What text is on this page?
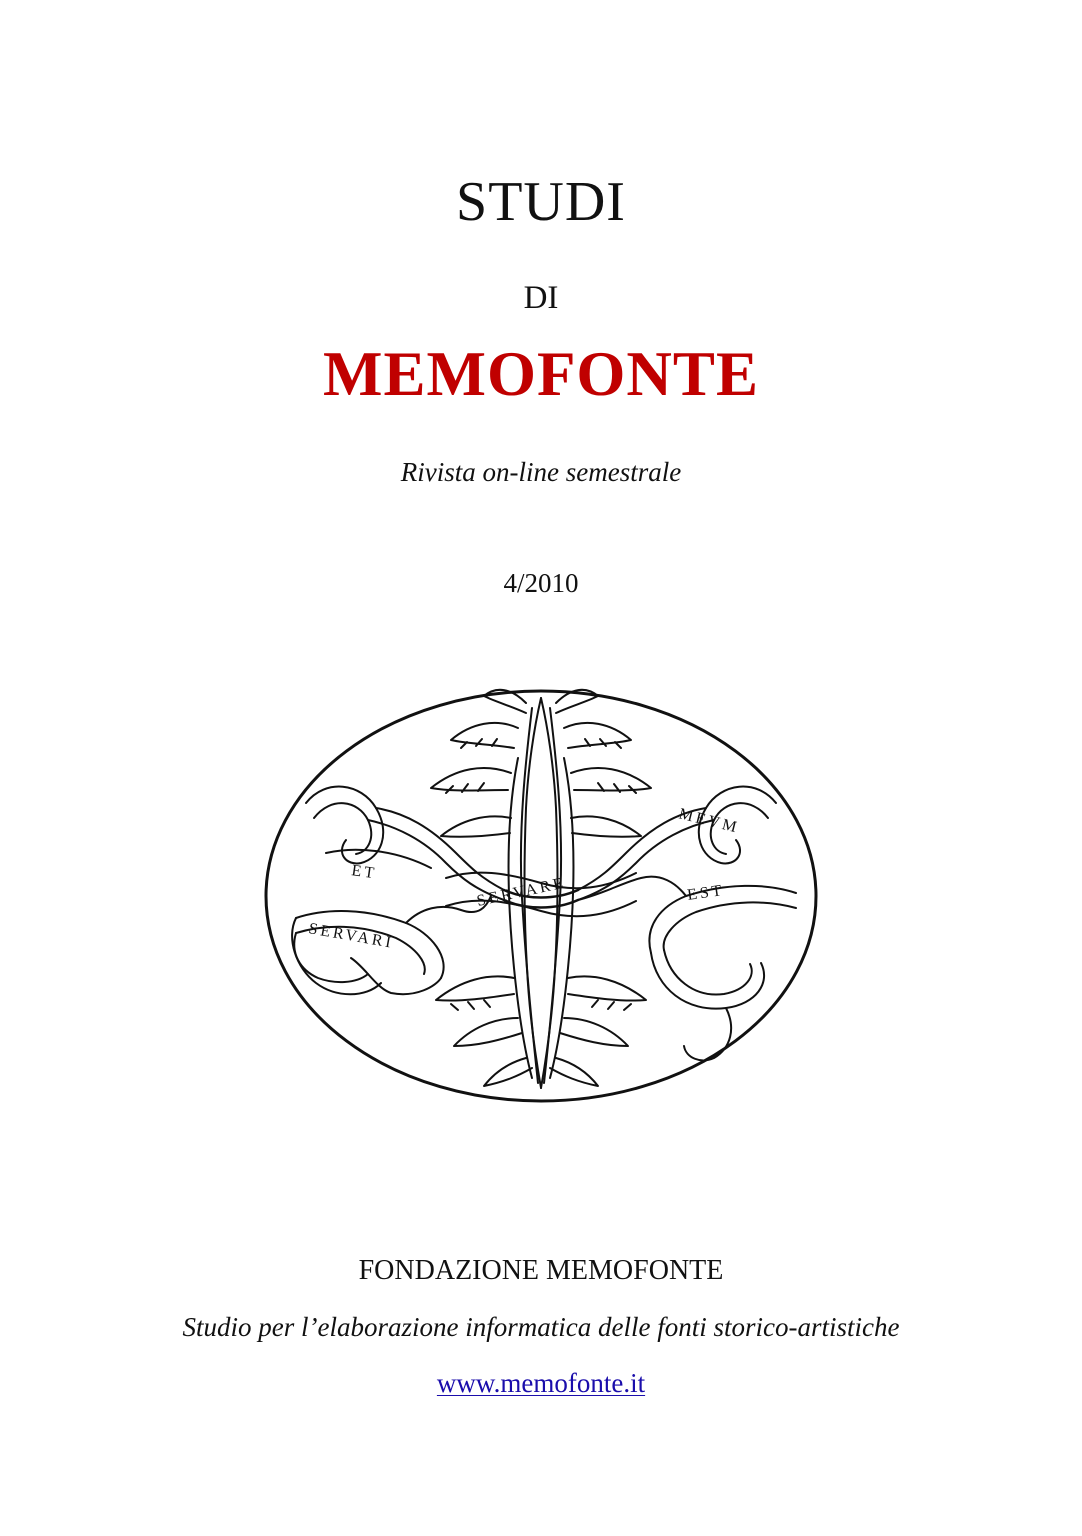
STUDI
DI
MEMOFONTE
Rivista on-line semestrale
4/2010
ET
SERVARE
SERVARI
MEVM
EST
FONDAZIONE MEMOFONTE
Studio per l’elaborazione informatica delle fonti storico-artistiche
www.memofonte.it
